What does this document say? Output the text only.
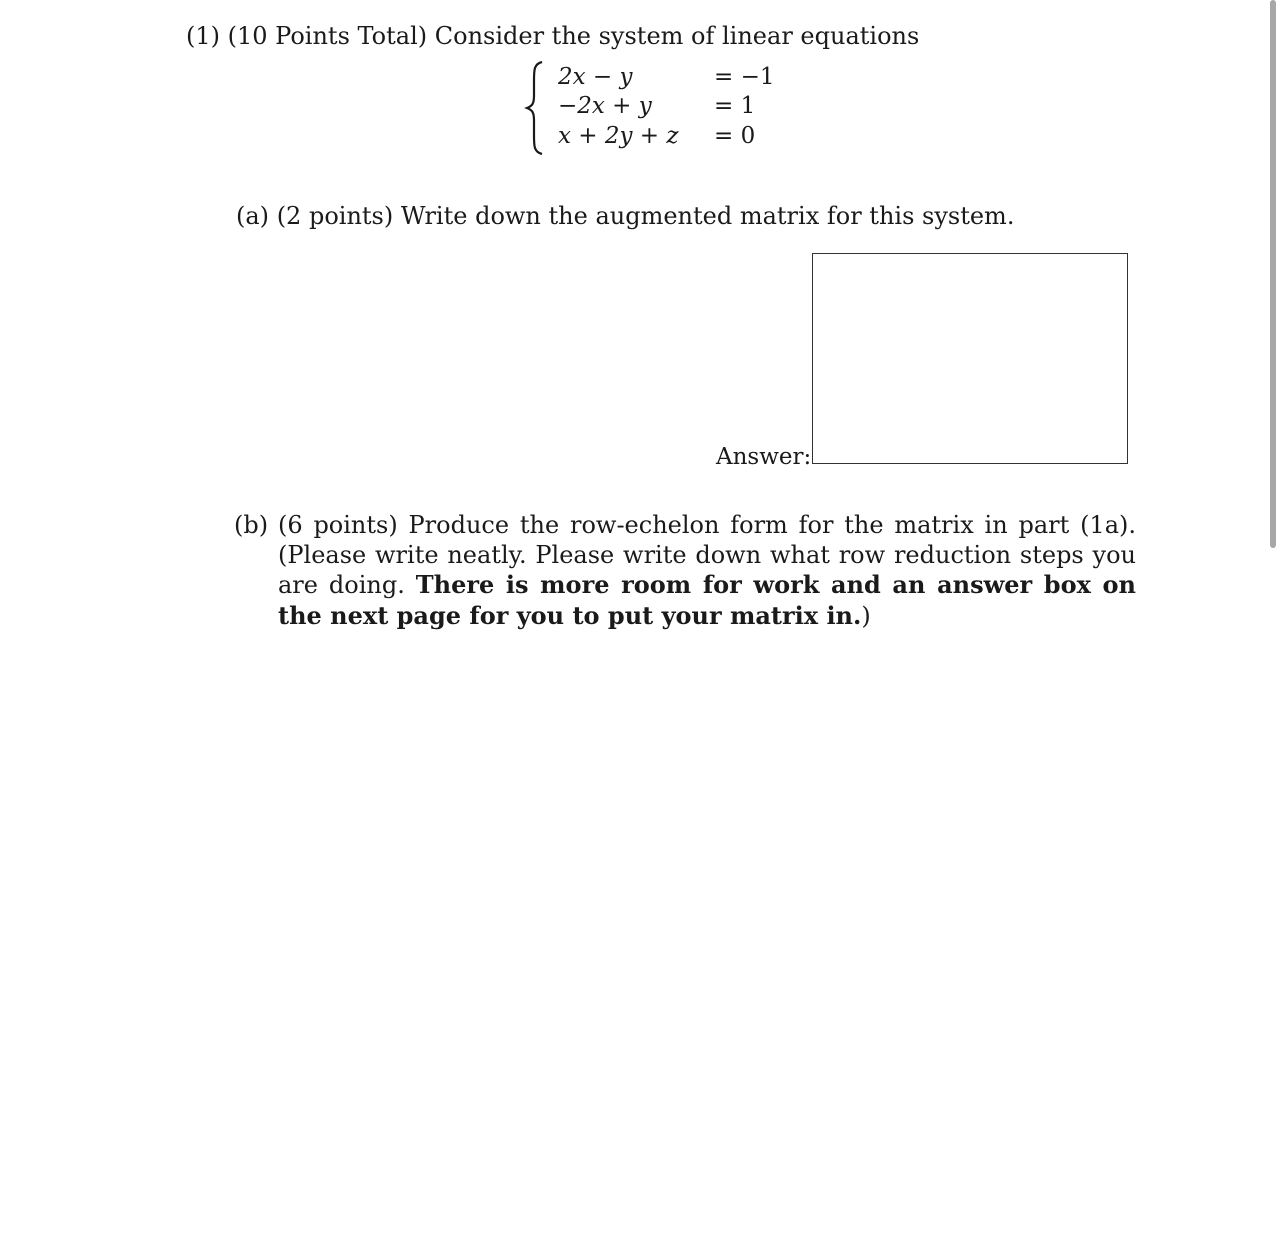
(1) (10 Points Total) Consider the system of linear equations
2x − y	= −1
−2x + y	= 1
x + 2y + z = 0
(a) (2 points) Write down the augmented matrix for this system.
Answer:
(b) (6 points) Produce the row-echelon form for the matrix in part (1a). (Please write neatly. Please write down what row reduction steps you are doing. There is more room for work and an answer box on the next page for you to put your matrix in.)
